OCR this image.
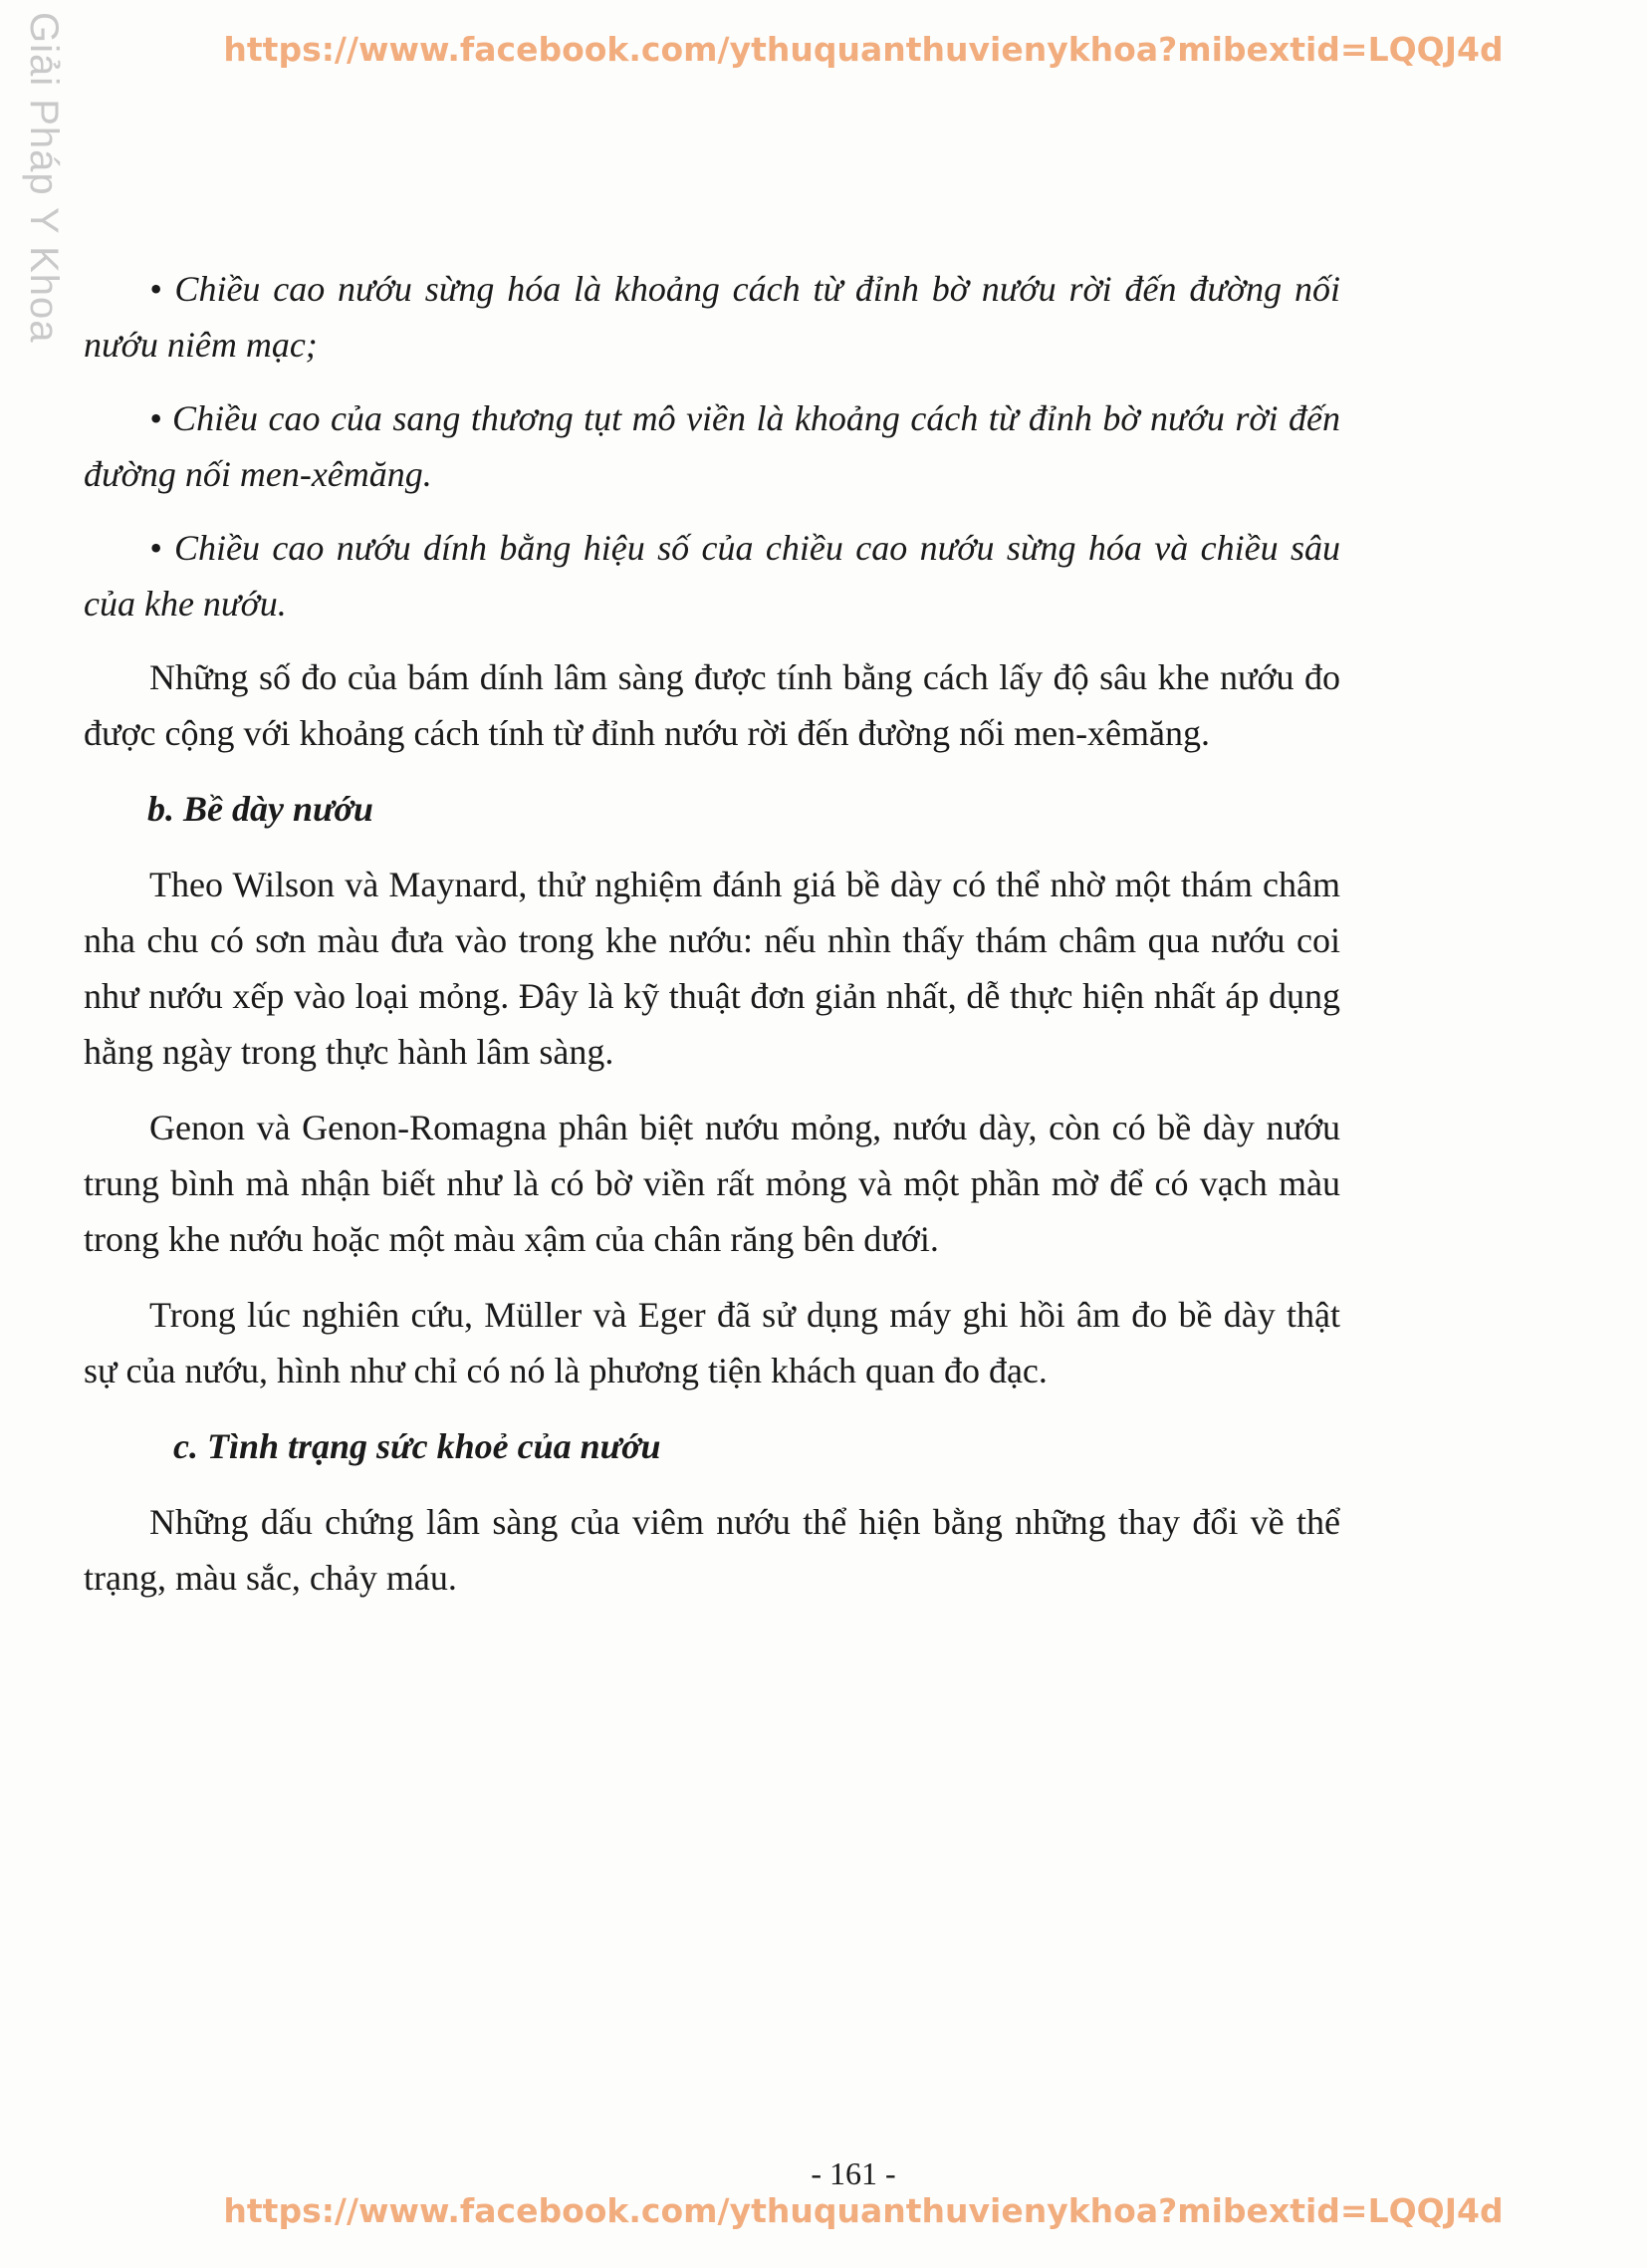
Giải Pháp Y Khoa	https://www.facebook.com/ythuquanthuvienykhoa?mibextid=LQQJ4d

• Chiều cao nướu sừng hóa là khoảng cách từ đỉnh bờ nướu rời đến đường nối nướu niêm mạc;

• Chiều cao của sang thương tụt mô viền là khoảng cách từ đỉnh bờ nướu rời đến đường nối men-xêmăng.

• Chiều cao nướu dính bằng hiệu số của chiều cao nướu sừng hóa và chiều sâu của khe nướu.

Những số đo của bám dính lâm sàng được tính bằng cách lấy độ sâu khe nướu đo được cộng với khoảng cách tính từ đỉnh nướu rời đến đường nối men-xêmăng.

b. Bề dày nướu

Theo Wilson và Maynard, thử nghiệm đánh giá bề dày có thể nhờ một thám châm nha chu có sơn màu đưa vào trong khe nướu: nếu nhìn thấy thám châm qua nướu coi như nướu xếp vào loại mỏng. Đây là kỹ thuật đơn giản nhất, dễ thực hiện nhất áp dụng hằng ngày trong thực hành lâm sàng.

Genon và Genon-Romagna phân biệt nướu mỏng, nướu dày, còn có bề dày nướu trung bình mà nhận biết như là có bờ viền rất mỏng và một phần mờ để có vạch màu trong khe nướu hoặc một màu xậm của chân răng bên dưới.

Trong lúc nghiên cứu, Müller và Eger đã sử dụng máy ghi hồi âm đo bề dày thật sự của nướu, hình như chỉ có nó là phương tiện khách quan đo đạc.

c. Tình trạng sức khoẻ của nướu

Những dấu chứng lâm sàng của viêm nướu thể hiện bằng những thay đổi về thể trạng, màu sắc, chảy máu.

- 161 -
https://www.facebook.com/ythuquanthuvienykhoa?mibextid=LQQJ4d
